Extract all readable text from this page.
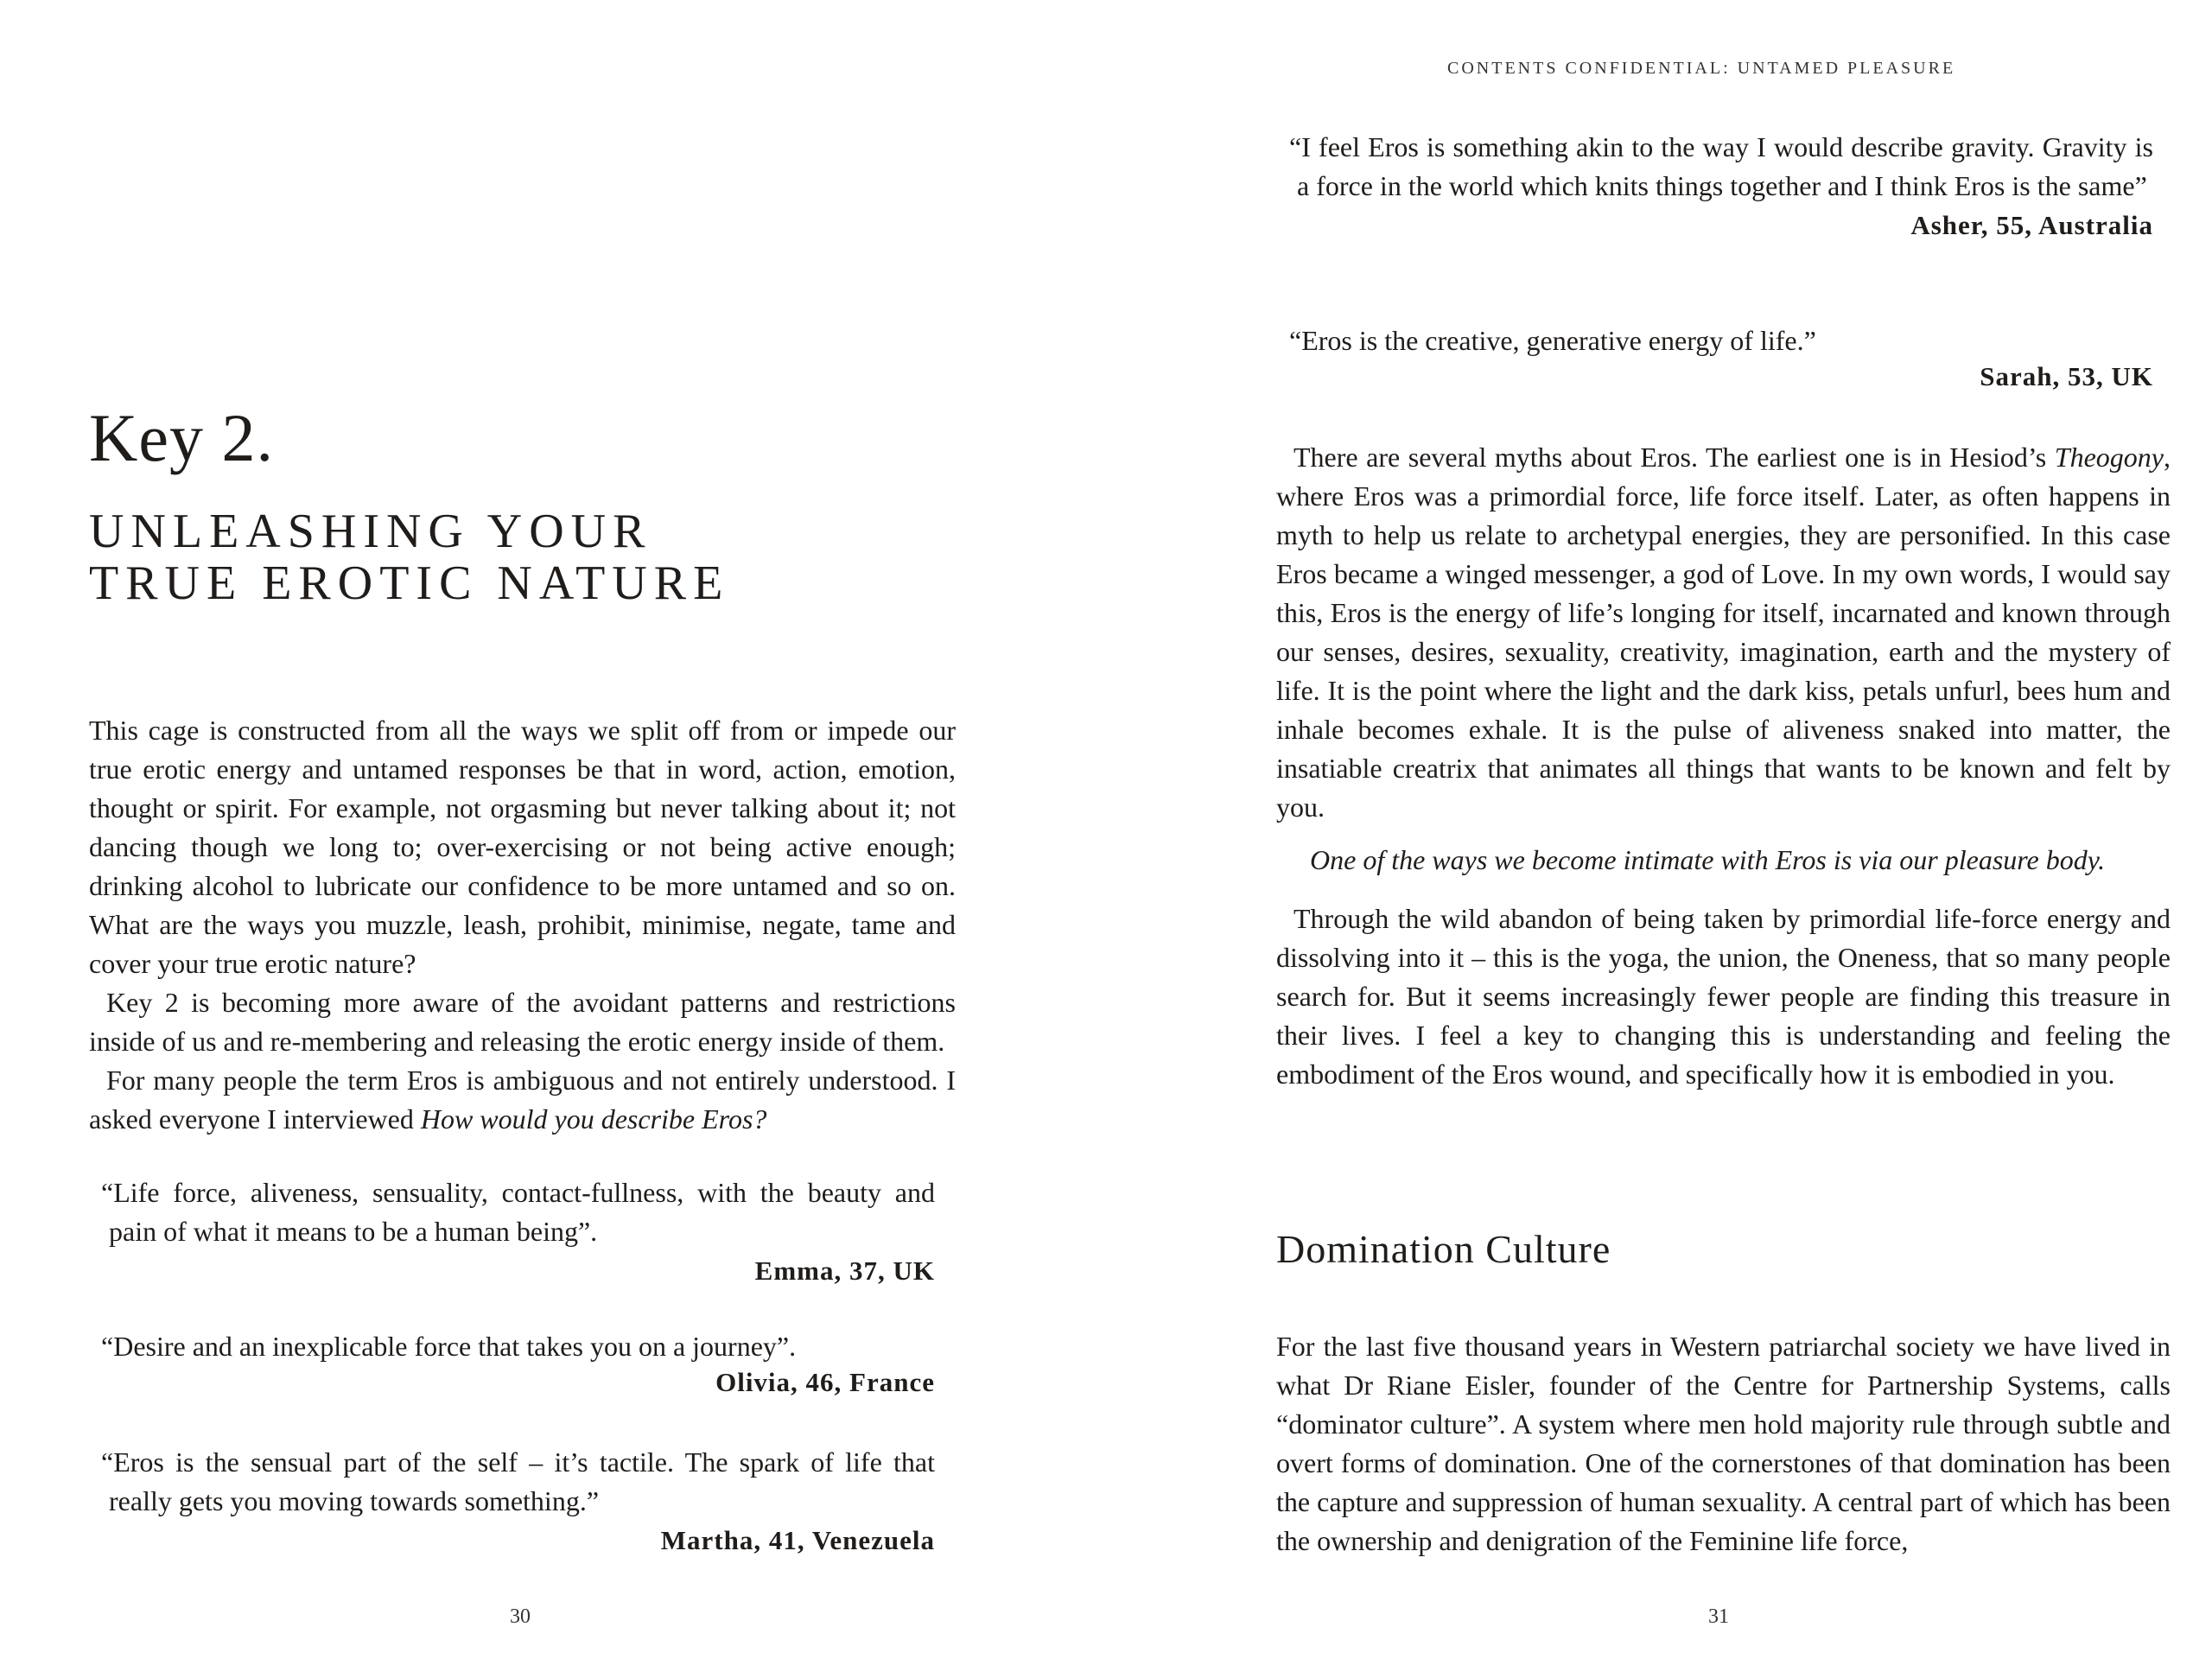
Key 2.
UNLEASHING YOUR
TRUE EROTIC NATURE

This cage is constructed from all the ways we split off from or impede our true erotic energy and untamed responses be that in word, action, emotion, thought or spirit. For example, not orgasming but never talking about it; not dancing though we long to; over-exercising or not being active enough; drinking alcohol to lubricate our confidence to be more untamed and so on. What are the ways you muzzle, leash, prohibit, minimise, negate, tame and cover your true erotic nature?

Key 2 is becoming more aware of the avoidant patterns and restrictions inside of us and re-membering and releasing the erotic energy inside of them.

For many people the term Eros is ambiguous and not entirely understood. I asked everyone I interviewed How would you describe Eros?

“Life force, aliveness, sensuality, contact-fullness, with the beauty and pain of what it means to be a human being”.

Emma, 37, UK

“Desire and an inexplicable force that takes you on a journey”.

Olivia, 46, France

“Eros is the sensual part of the self – it’s tactile. The spark of life that really gets you moving towards something.”

Martha, 41, Venezuela

30
CONTENTS CONFIDENTIAL: UNTAMED PLEASURE

“I feel Eros is something akin to the way I would describe gravity. Gravity is a force in the world which knits things together and I think Eros is the same”

Asher, 55, Australia

“Eros is the creative, generative energy of life.”

Sarah, 53, UK

There are several myths about Eros. The earliest one is in Hesiod’s Theogony, where Eros was a primordial force, life force itself. Later, as often happens in myth to help us relate to archetypal energies, they are personified. In this case Eros became a winged messenger, a god of Love. In my own words, I would say this, Eros is the energy of life’s longing for itself, incarnated and known through our senses, desires, sexuality, creativity, imagination, earth and the mystery of life. It is the point where the light and the dark kiss, petals unfurl, bees hum and inhale becomes exhale. It is the pulse of aliveness snaked into matter, the insatiable creatrix that animates all things that wants to be known and felt by you.

One of the ways we become intimate with Eros is via our pleasure body.

Through the wild abandon of being taken by primordial life-force energy and dissolving into it – this is the yoga, the union, the Oneness, that so many people search for. But it seems increasingly fewer people are finding this treasure in their lives. I feel a key to changing this is understanding and feeling the embodiment of the Eros wound, and specifically how it is embodied in you.

Domination Culture

For the last five thousand years in Western patriarchal society we have lived in what Dr Riane Eisler, founder of the Centre for Partnership Systems, calls “dominator culture”. A system where men hold majority rule through subtle and overt forms of domination. One of the cornerstones of that domination has been the capture and suppression of human sexuality. A central part of which has been the ownership and denigration of the Feminine life force,

31
